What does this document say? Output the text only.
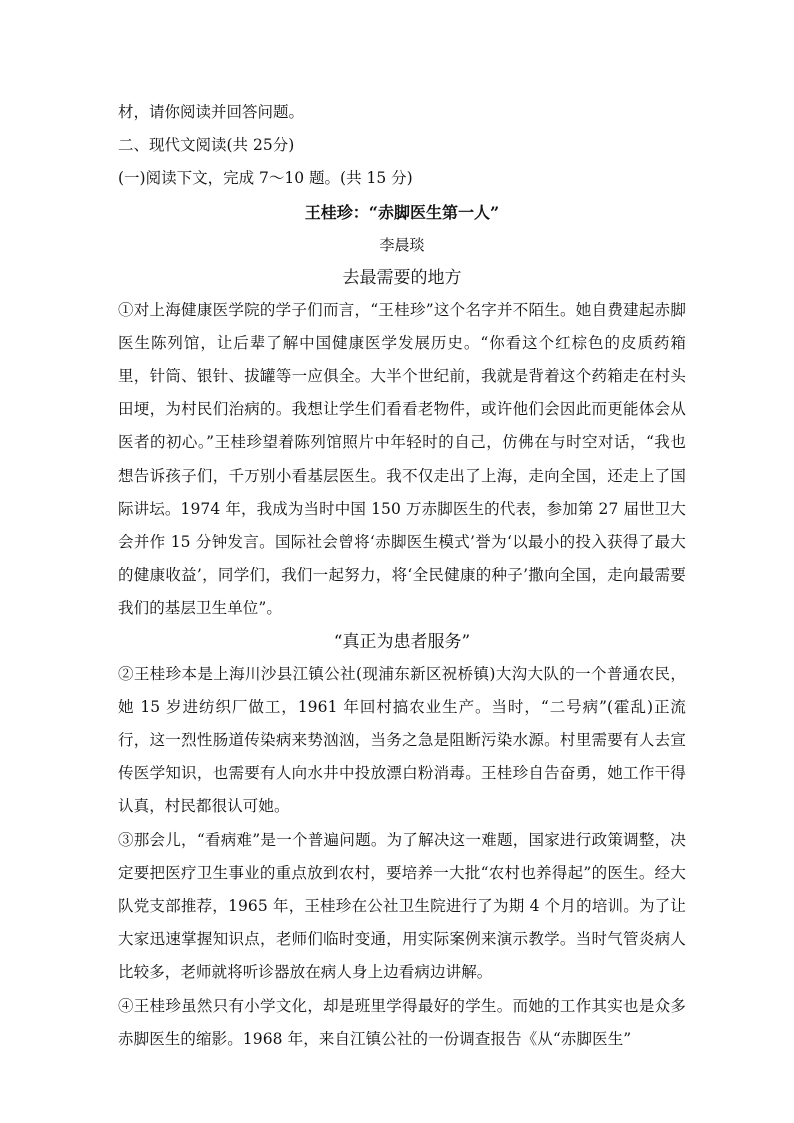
材，请你阅读并回答问题。
二、现代文阅读(共 25分)
(一)阅读下文，完成 7～10 题。(共 15 分)
王桂珍：“赤脚医生第一人”
李晨琰
去最需要的地方
①对上海健康医学院的学子们而言，“王桂珍”这个名字并不陌生。她自费建起赤脚医生陈列馆，让后辈了解中国健康医学发展历史。“你看这个红棕色的皮质药箱里，针筒、银针、拔罐等一应俱全。大半个世纪前，我就是背着这个药箱走在村头田埂，为村民们治病的。我想让学生们看看老物件，或许他们会因此而更能体会从医者的初心。”王桂珍望着陈列馆照片中年轻时的自己，仿佛在与时空对话，“我也想告诉孩子们，千万别小看基层医生。我不仅走出了上海，走向全国，还走上了国际讲坛。1974 年，我成为当时中国 150 万赤脚医生的代表，参加第 27 届世卫大会并作 15 分钟发言。国际社会曾将‘赤脚医生模式’誉为‘以最小的投入获得了最大的健康收益’，同学们，我们一起努力，将‘全民健康的种子’撒向全国，走向最需要我们的基层卫生单位”。
“真正为患者服务”
②王桂珍本是上海川沙县江镇公社(现浦东新区祝桥镇)大沟大队的一个普通农民，她 15 岁进纺织厂做工，1961 年回村搞农业生产。当时，“二号病”(霍乱)正流行，这一烈性肠道传染病来势汹汹，当务之急是阻断污染水源。村里需要有人去宣传医学知识，也需要有人向水井中投放漂白粉消毒。王桂珍自告奋勇，她工作干得认真，村民都很认可她。
③那会儿，“看病难”是一个普遍问题。为了解决这一难题，国家进行政策调整，决定要把医疗卫生事业的重点放到农村，要培养一大批“农村也养得起”的医生。经大队党支部推荐，1965 年，王桂珍在公社卫生院进行了为期 4 个月的培训。为了让大家迅速掌握知识点，老师们临时变通，用实际案例来演示教学。当时气管炎病人比较多，老师就将听诊器放在病人身上边看病边讲解。
④王桂珍虽然只有小学文化，却是班里学得最好的学生。而她的工作其实也是众多赤脚医生的缩影。1968 年，来自江镇公社的一份调查报告《从“赤脚医生”
